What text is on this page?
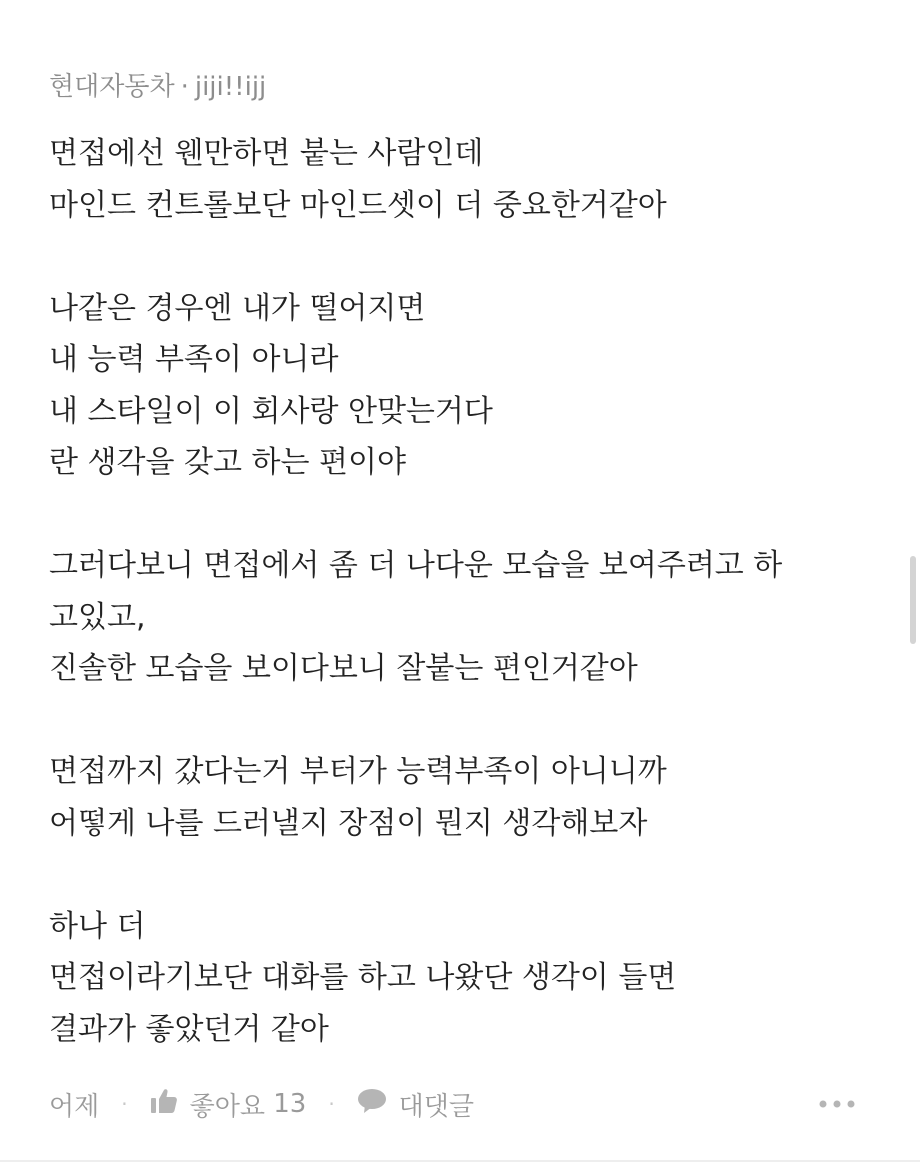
현대자동차 · jiji!!ijj
면접에선 웬만하면 붙는 사람인데
마인드 컨트롤보단 마인드셋이 더 중요한거같아
나같은 경우엔 내가 떨어지면
내 능력 부족이 아니라
내 스타일이 이 회사랑 안맞는거다
란 생각을 갖고 하는 편이야
그러다보니 면접에서 좀 더 나다운 모습을 보여주려고 하
고있고,
진솔한 모습을 보이다보니 잘붙는 편인거같아
면접까지 갔다는거 부터가 능력부족이 아니니까
어떻게 나를 드러낼지 장점이 뭔지 생각해보자
하나 더
면접이라기보단 대화를 하고 나왔단 생각이 들면
결과가 좋았던거 같아
어제 · 좋아요
13 · 대댓글
